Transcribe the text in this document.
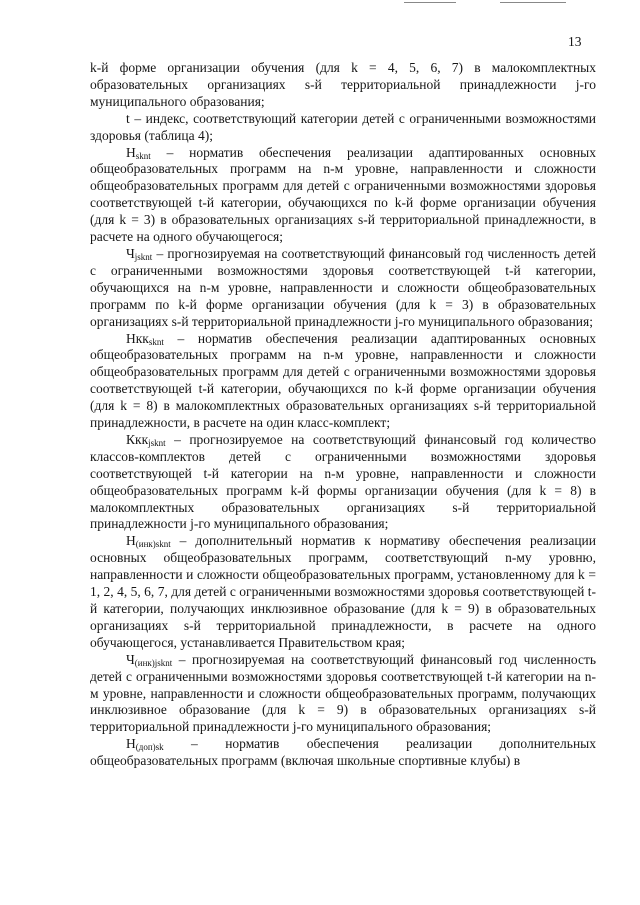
13

k-й форме организации обучения (для k = 4, 5, 6, 7) в малокомплектных образовательных организациях s-й территориальной принадлежности j-го муниципального образования;

t – индекс, соответствующий категории детей с ограниченными возможностями здоровья (таблица 4);

$Н_{sknt}$ – норматив обеспечения реализации адаптированных основных общеобразовательных программ на n-м уровне, направленности и сложности общеобразовательных программ для детей с ограниченными возможностями здоровья соответствующей t-й категории, обучающихся по k-й форме организации обучения (для k = 3) в образовательных организациях s-й территориальной принадлежности, в расчете на одного обучающегося;

$Ч_{jsknt}$ – прогнозируемая на соответствующий финансовый год численность детей с ограниченными возможностями здоровья соответствующей t-й категории, обучающихся на n-м уровне, направленности и сложности общеобразовательных программ по k-й форме организации обучения (для k = 3) в образовательных организациях s-й территориальной принадлежности j-го муниципального образования;

Нкк$_{sknt}$ – норматив обеспечения реализации адаптированных основных общеобразовательных программ на n-м уровне, направленности и сложности общеобразовательных программ для детей с ограниченными возможностями здоровья соответствующей t-й категории, обучающихся по k-й форме организации обучения (для k = 8) в малокомплектных образовательных организациях s-й территориальной принадлежности, в расчете на один класс-комплект;

Ккк$_{jsknt}$ – прогнозируемое на соответствующий финансовый год количество классов-комплектов детей с ограниченными возможностями здоровья соответствующей t-й категории на n-м уровне, направленности и сложности общеобразовательных программ k-й формы организации обучения (для k = 8) в малокомплектных образовательных организациях s-й территориальной принадлежности j-го муниципального образования;

$Н_{(инк)sknt}$ – дополнительный норматив к нормативу обеспечения реализации основных общеобразовательных программ, соответствующий n-му уровню, направленности и сложности общеобразовательных программ, установленному для k = 1, 2, 4, 5, 6, 7, для детей с ограниченными возможностями здоровья соответствующей t-й категории, получающих инклюзивное образование (для k = 9) в образовательных организациях s-й территориальной принадлежности, в расчете на одного обучающегося, устанавливается Правительством края;

$Ч_{(инк)jsknt}$ – прогнозируемая на соответствующий финансовый год численность детей с ограниченными возможностями здоровья соответствующей t-й категории на n-м уровне, направленности и сложности общеобразовательных программ, получающих инклюзивное образование (для k = 9) в образовательных организациях s-й территориальной принадлежности j-го муниципального образования;

$Н_{(доп)sk}$ – норматив обеспечения реализации дополнительных общеобразовательных программ (включая школьные спортивные клубы) в
